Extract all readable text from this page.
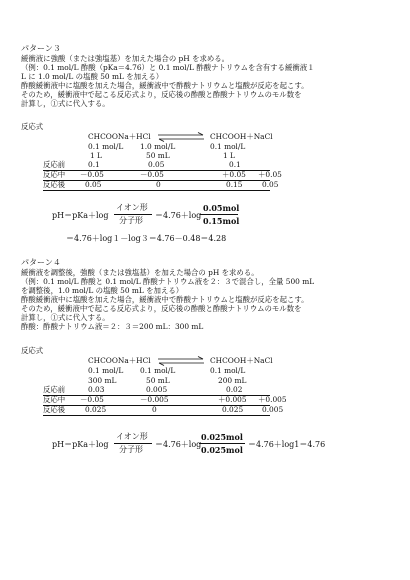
パターン３
緩衝液に強酸（または強塩基）を加えた場合の pH を求める。
（例：0.1 mol/L 酢酸（pKa＝4.76）と 0.1 mol/L 酢酸ナトリウムを含有する緩衝液１
L に 1.0 mol/L の塩酸 50 mL を加える）
酢酸緩衝液中に塩酸を加えた場合，緩衝液中で酢酸ナトリウムと塩酸が反応を起こす。
そのため，緩衝液中で起こる反応式より，反応後の酢酸と酢酸ナトリウムのモル数を
計算し，①式に代入する。
反応式
CHCOONa＋HCl ⇌ CHCOOH＋NaCl
0.1 mol/L 1.0 mol/L	0.1 mol/L
1 L	50 mL	1 L
反応前	0.1	0.05	0.1
反応中 －0.05	－0.05	＋0.05 ＋0.05
反応後	0.05	0	0.15	0.05
pH＝pKa＋log
イオン形
分子形
＝4.76＋log
0.05mol
0.15mol
＝4.76＋log１－log３＝4.76－0.48＝4.28
パターン４
緩衝液を調整後，強酸（または強塩基）を加えた場合の pH を求める。
（例：0.1 mol/L 酢酸と 0.1 mol/L 酢酸ナトリウム液を２：３で混合し，全量 500 mL
を調整後，1.0 mol/L の塩酸 50 mL を加える）
酢酸緩衝液中に塩酸を加えた場合，緩衝液中で酢酸ナトリウムと塩酸が反応を起こす。
そのため，緩衝液中で起こる反応式より，反応後の酢酸と酢酸ナトリウムのモル数を
計算し，①式に代入する。
酢酸：酢酸ナトリウム液＝２：３＝200 mL：300 mL
反応式
CHCOONa＋HCl ⇌ CHCOOH＋NaCl
0.1 mol/L 0.1 mol/L	0.1 mol/L
300 mL	50 mL	200 mL
反応前	0.03	0.005	0.02
反応中 －0.05	－0.005	＋0.005 ＋0.005
反応後	0.025	0	0.025	0.005
pH＝pKa＋log
イオン形
分子形
＝4.76＋log
0.025mol
0.025mol
＝4.76＋log1＝4.76
